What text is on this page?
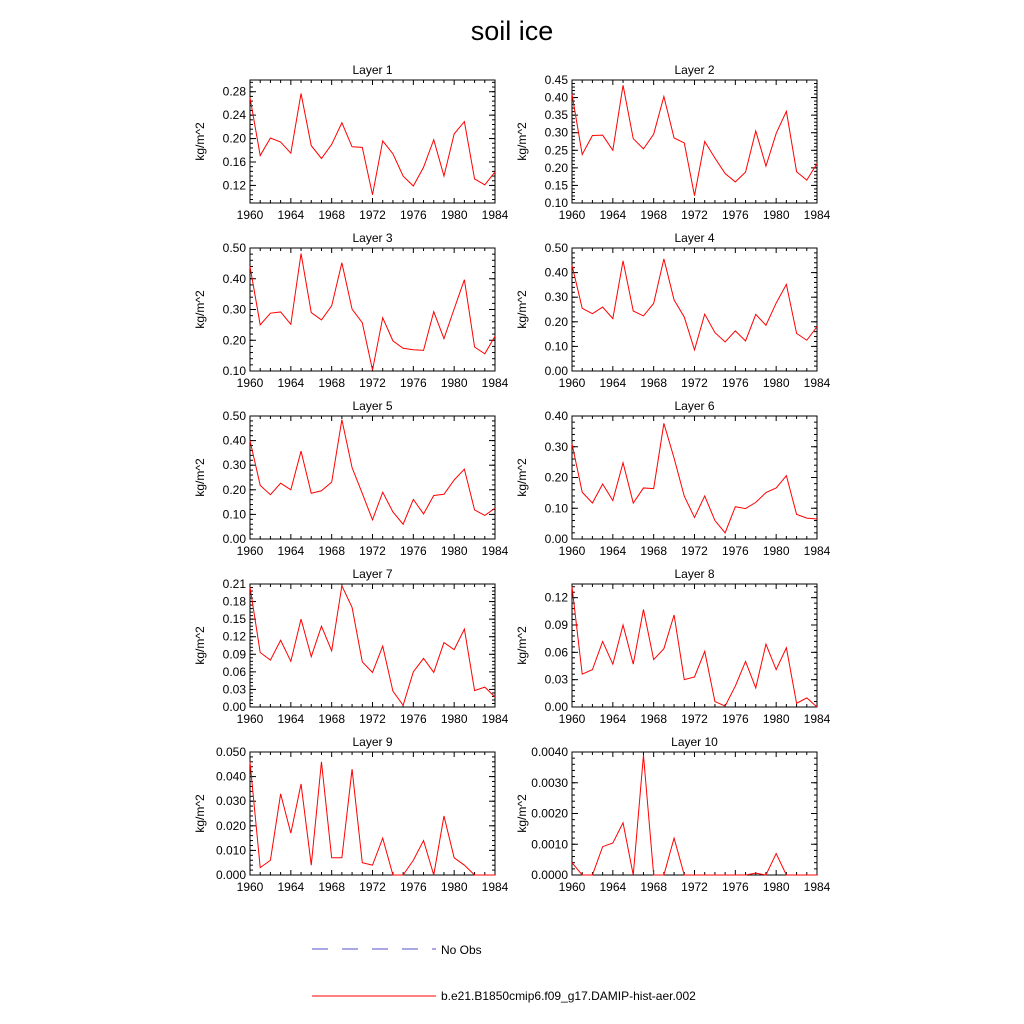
soil ice
Layer 1
kg/m^2
1960 1964 1968 1972 1976 1980 1984
0.12
0.16
0.20
0.24
0.28
Layer 2
kg/m^2
1960 1964 1968 1972 1976 1980 1984
0.10
0.15
0.20
0.25
0.30
0.35
0.40
0.45
Layer 3
kg/m^2
1960 1964 1968 1972 1976 1980 1984
0.10
0.20
0.30
0.40
0.50
Layer 4
kg/m^2
1960 1964 1968 1972 1976 1980 1984
0.00
0.10
0.20
0.30
0.40
0.50
Layer 5
kg/m^2
1960 1964 1968 1972 1976 1980 1984
0.00
0.10
0.20
0.30
0.40
0.50
Layer 6
kg/m^2
1960 1964 1968 1972 1976 1980 1984
0.00
0.10
0.20
0.30
0.40
Layer 7
kg/m^2
1960 1964 1968 1972 1976 1980 1984
0.00
0.03
0.06
0.09
0.12
0.15
0.18
0.21
Layer 8
kg/m^2
1960 1964 1968 1972 1976 1980 1984
0.00
0.03
0.06
0.09
0.12
Layer 9
kg/m^2
1960 1964 1968 1972 1976 1980 1984
0.000
0.010
0.020
0.030
0.040
0.050
Layer 10
kg/m^2
1960 1964 1968 1972 1976 1980 1984
0.0000
0.0010
0.0020
0.0030
0.0040
No Obs
b.e21.B1850cmip6.f09_g17.DAMIP-hist-aer.002
